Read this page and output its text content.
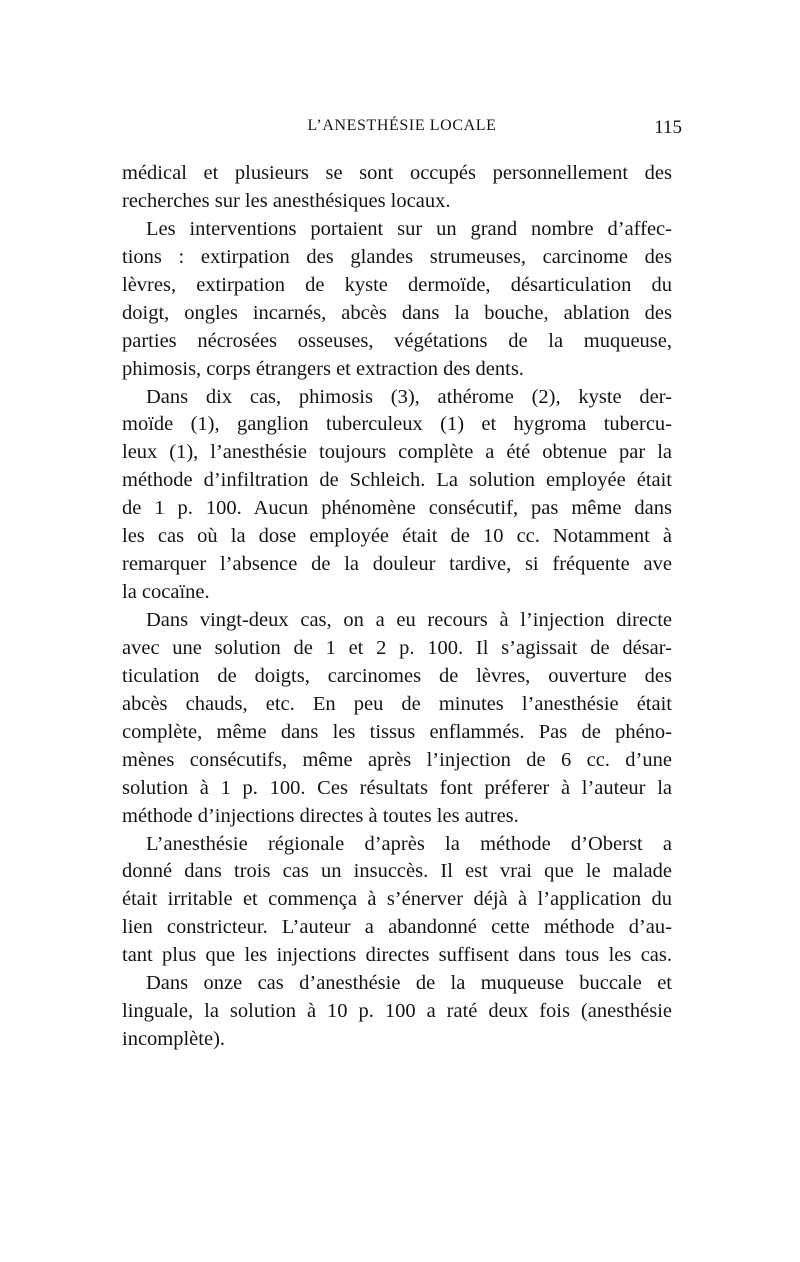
L’ANESTHÉSIE LOCALE	115
médical et plusieurs se sont occupés personnellement des
recherches sur les anesthésiques locaux.
Les interventions portaient sur un grand nombre d’affec-
tions : extirpation des glandes strumeuses, carcinome des
lèvres, extirpation de kyste dermoïde, désarticulation du
doigt, ongles incarnés, abcès dans la bouche, ablation des
parties nécrosées osseuses, végétations de la muqueuse,
phimosis, corps étrangers et extraction des dents.
Dans dix cas, phimosis (3), athérome (2), kyste der-
moïde (1), ganglion tuberculeux (1) et hygroma tubercu-
leux (1), l’anesthésie toujours complète a été obtenue par la
méthode d’infiltration de Schleich. La solution employée était
de 1 p. 100. Aucun phénomène consécutif, pas même dans
les cas où la dose employée était de 10 cc. Notamment à
remarquer l’absence de la douleur tardive, si fréquente ave
la cocaïne.
Dans vingt-deux cas, on a eu recours à l’injection directe
avec une solution de 1 et 2 p. 100. Il s’agissait de désar-
ticulation de doigts, carcinomes de lèvres, ouverture des
abcès chauds, etc. En peu de minutes l’anesthésie était
complète, même dans les tissus enflammés. Pas de phéno-
mènes consécutifs, même après l’injection de 6 cc. d’une
solution à 1 p. 100. Ces résultats font préferer à l’auteur la
méthode d’injections directes à toutes les autres.
L’anesthésie régionale d’après la méthode d’Oberst a
donné dans trois cas un insuccès. Il est vrai que le malade
était irritable et commença à s’énerver déjà à l’application du
lien constricteur. L’auteur a abandonné cette méthode d’au-
tant plus que les injections directes suffisent dans tous les cas.
Dans onze cas d’anesthésie de la muqueuse buccale et
linguale, la solution à 10 p. 100 a raté deux fois (anesthésie
incomplète).
